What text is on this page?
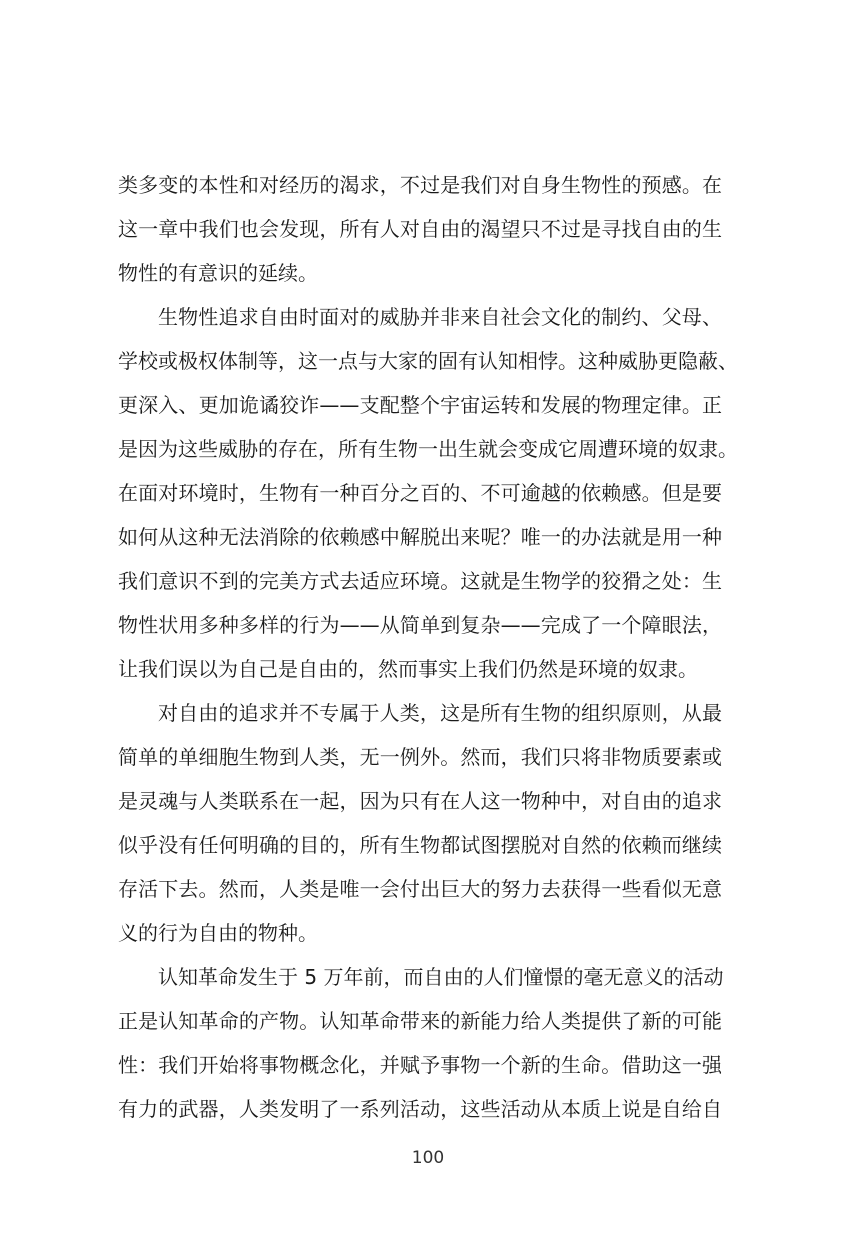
类多变的本性和对经历的渴求，不过是我们对自身生物性的预感。在
这一章中我们也会发现，所有人对自由的渴望只不过是寻找自由的生
物性的有意识的延续。
生物性追求自由时面对的威胁并非来自社会文化的制约、父母、
学校或极权体制等，这一点与大家的固有认知相悖。这种威胁更隐蔽、
更深入、更加诡谲狡诈——支配整个宇宙运转和发展的物理定律。正
是因为这些威胁的存在，所有生物一出生就会变成它周遭环境的奴隶。
在面对环境时，生物有一种百分之百的、不可逾越的依赖感。但是要
如何从这种无法消除的依赖感中解脱出来呢？唯一的办法就是用一种
我们意识不到的完美方式去适应环境。这就是生物学的狡猾之处：生
物性状用多种多样的行为——从简单到复杂——完成了一个障眼法，
让我们误以为自己是自由的，然而事实上我们仍然是环境的奴隶。
对自由的追求并不专属于人类，这是所有生物的组织原则，从最
简单的单细胞生物到人类，无一例外。然而，我们只将非物质要素或
是灵魂与人类联系在一起，因为只有在人这一物种中，对自由的追求
似乎没有任何明确的目的，所有生物都试图摆脱对自然的依赖而继续
存活下去。然而，人类是唯一会付出巨大的努力去获得一些看似无意
义的行为自由的物种。
认知革命发生于 5 万年前，而自由的人们憧憬的毫无意义的活动
正是认知革命的产物。认知革命带来的新能力给人类提供了新的可能
性：我们开始将事物概念化，并赋予事物一个新的生命。借助这一强
有力的武器，人类发明了一系列活动，这些活动从本质上说是自给自
100
